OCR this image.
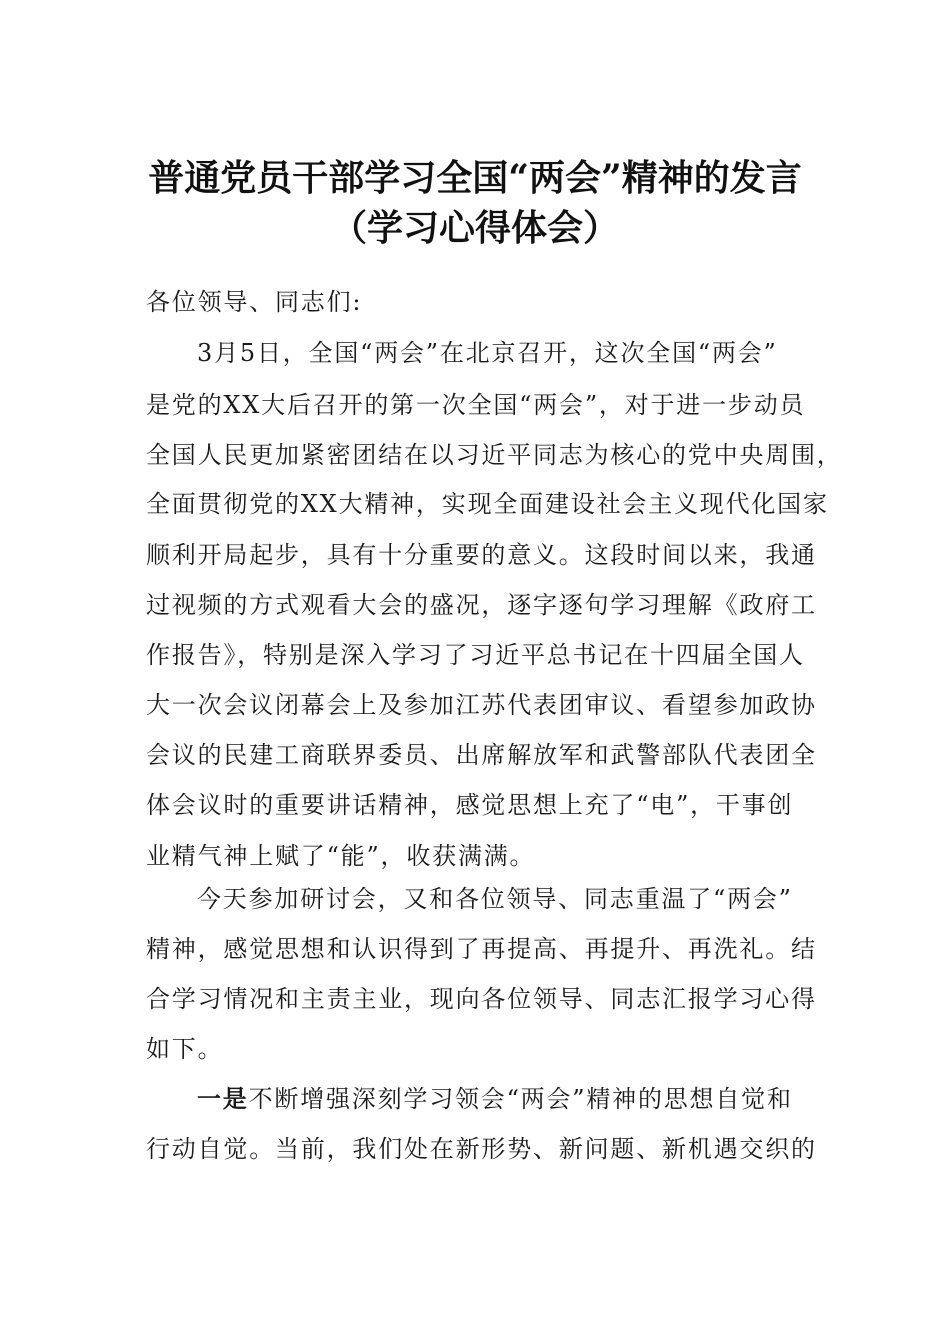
普通党员干部学习全国“两会”精神的发言
（学习心得体会）
各位领导、同志们:
3月5日，全国“两会”在北京召开，这次全国“两会”
是党的XX大后召开的第一次全国“两会”，对于进一步动员
全国人民更加紧密团结在以习近平同志为核心的党中央周围，
全面贯彻党的XX大精神，实现全面建设社会主义现代化国家
顺利开局起步，具有十分重要的意义。这段时间以来，我通
过视频的方式观看大会的盛况，逐字逐句学习理解《政府工
作报告》，特别是深入学习了习近平总书记在十四届全国人
大一次会议闭幕会上及参加江苏代表团审议、看望参加政协
会议的民建工商联界委员、出席解放军和武警部队代表团全
体会议时的重要讲话精神，感觉思想上充了“电”，干事创
业精气神上赋了“能”，收获满满。
今天参加研讨会，又和各位领导、同志重温了“两会”
精神，感觉思想和认识得到了再提高、再提升、再洗礼。结
合学习情况和主责主业，现向各位领导、同志汇报学习心得
如下。
一是不断增强深刻学习领会“两会”精神的思想自觉和
行动自觉。当前，我们处在新形势、新问题、新机遇交织的
